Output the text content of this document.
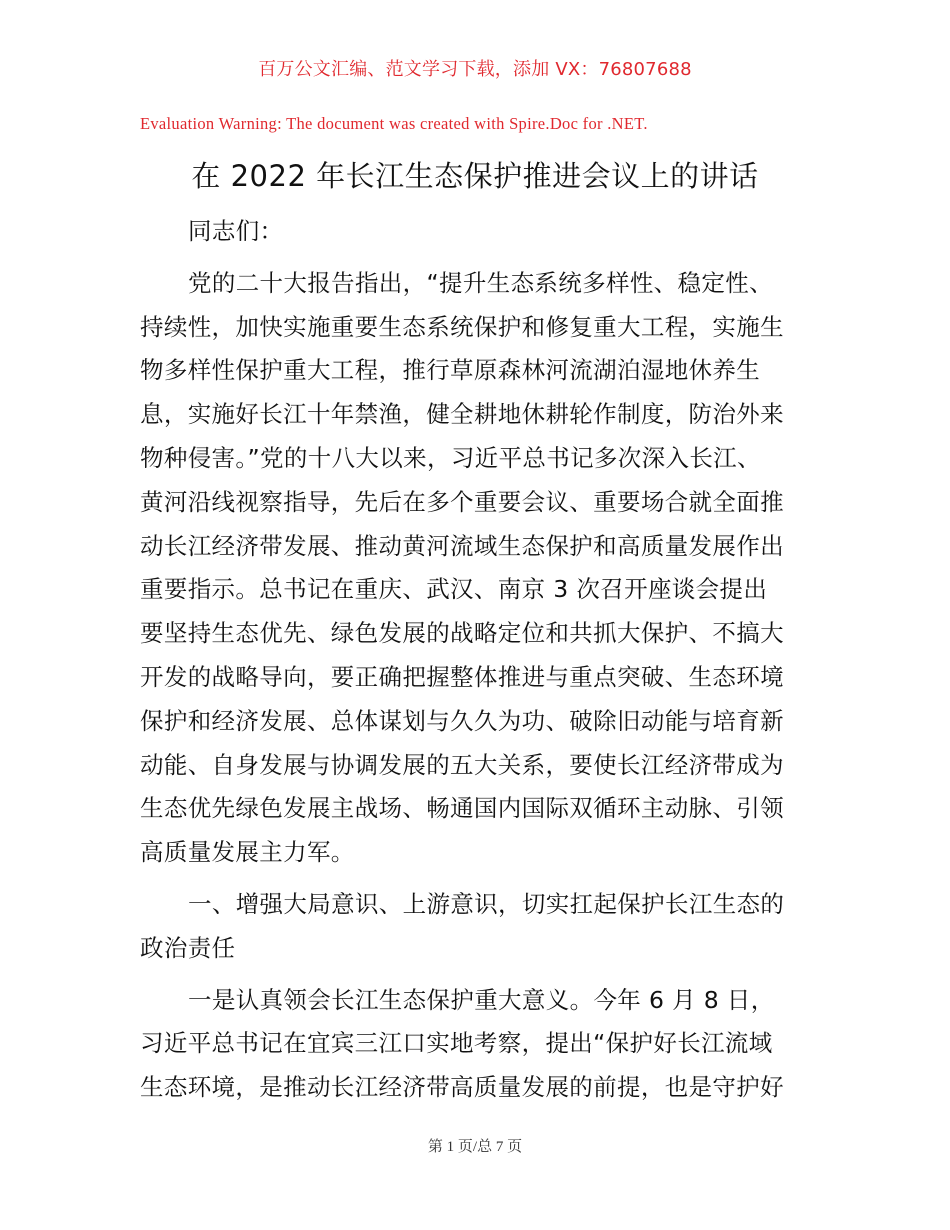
百万公文汇编、范文学习下载，添加 VX：76807688
Evaluation Warning: The document was created with Spire.Doc for .NET.
在 2022 年长江生态保护推进会议上的讲话
同志们：
党的二十大报告指出，“提升生态系统多样性、稳定性、
持续性，加快实施重要生态系统保护和修复重大工程，实施生
物多样性保护重大工程，推行草原森林河流湖泊湿地休养生
息，实施好长江十年禁渔，健全耕地休耕轮作制度，防治外来
物种侵害。”党的十八大以来，习近平总书记多次深入长江、
黄河沿线视察指导，先后在多个重要会议、重要场合就全面推
动长江经济带发展、推动黄河流域生态保护和高质量发展作出
重要指示。总书记在重庆、武汉、南京 3 次召开座谈会提出
要坚持生态优先、绿色发展的战略定位和共抓大保护、不搞大
开发的战略导向，要正确把握整体推进与重点突破、生态环境
保护和经济发展、总体谋划与久久为功、破除旧动能与培育新
动能、自身发展与协调发展的五大关系，要使长江经济带成为
生态优先绿色发展主战场、畅通国内国际双循环主动脉、引领
高质量发展主力军。
一、增强大局意识、上游意识，切实扛起保护长江生态的
政治责任
一是认真领会长江生态保护重大意义。今年 6 月 8 日，
习近平总书记在宜宾三江口实地考察，提出“保护好长江流域
生态环境，是推动长江经济带高质量发展的前提，也是守护好
第 1 页/总 7 页
